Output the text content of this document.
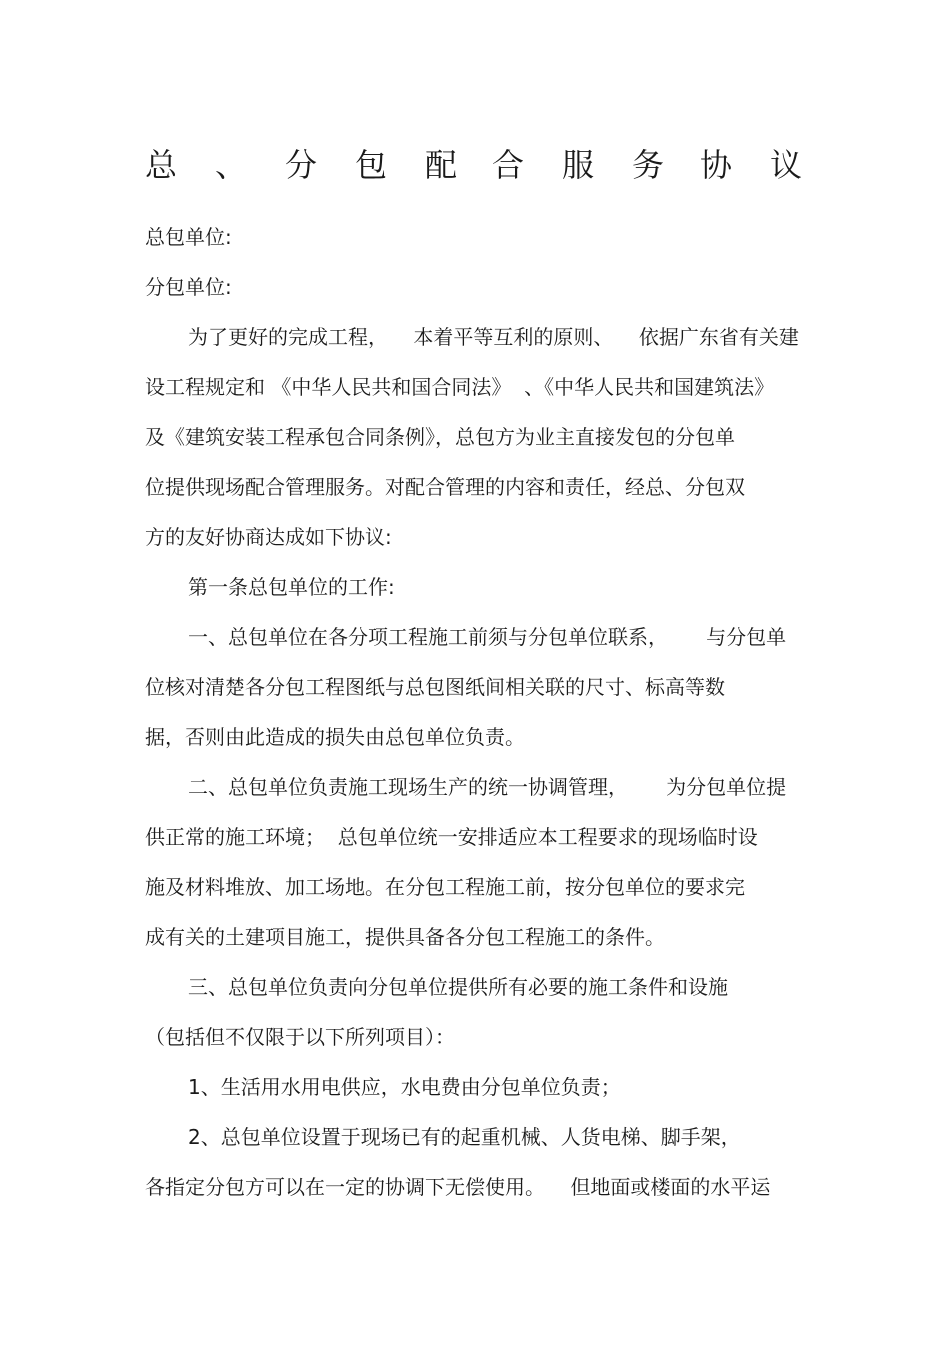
总 、 分 包 配 合 服 务 协 议
总包单位:
分包单位:
为了更好的完成工程，    本着平等互利的原则、    依据广东省有关建
设工程规定和 《中华人民共和国合同法》  、《中华人民共和国建筑法》
及《建筑安装工程承包合同条例》，总包方为业主直接发包的分包单
位提供现场配合管理服务。对配合管理的内容和责任，经总、分包双
方的友好协商达成如下协议:
第一条总包单位的工作:
一、总包单位在各分项工程施工前须与分包单位联系，      与分包单
位核对清楚各分包工程图纸与总包图纸间相关联的尺寸、标高等数
据，否则由此造成的损失由总包单位负责。
二、总包单位负责施工现场生产的统一协调管理，      为分包单位提
供正常的施工环境；  总包单位统一安排适应本工程要求的现场临时设
施及材料堆放、加工场地。在分包工程施工前，按分包单位的要求完
成有关的土建项目施工，提供具备各分包工程施工的条件。
三、总包单位负责向分包单位提供所有必要的施工条件和设施
（包括但不仅限于以下所列项目）：
1、生活用水用电供应，水电费由分包单位负责；
2、总包单位设置于现场已有的起重机械、人货电梯、脚手架，
各指定分包方可以在一定的协调下无偿使用。    但地面或楼面的水平运
